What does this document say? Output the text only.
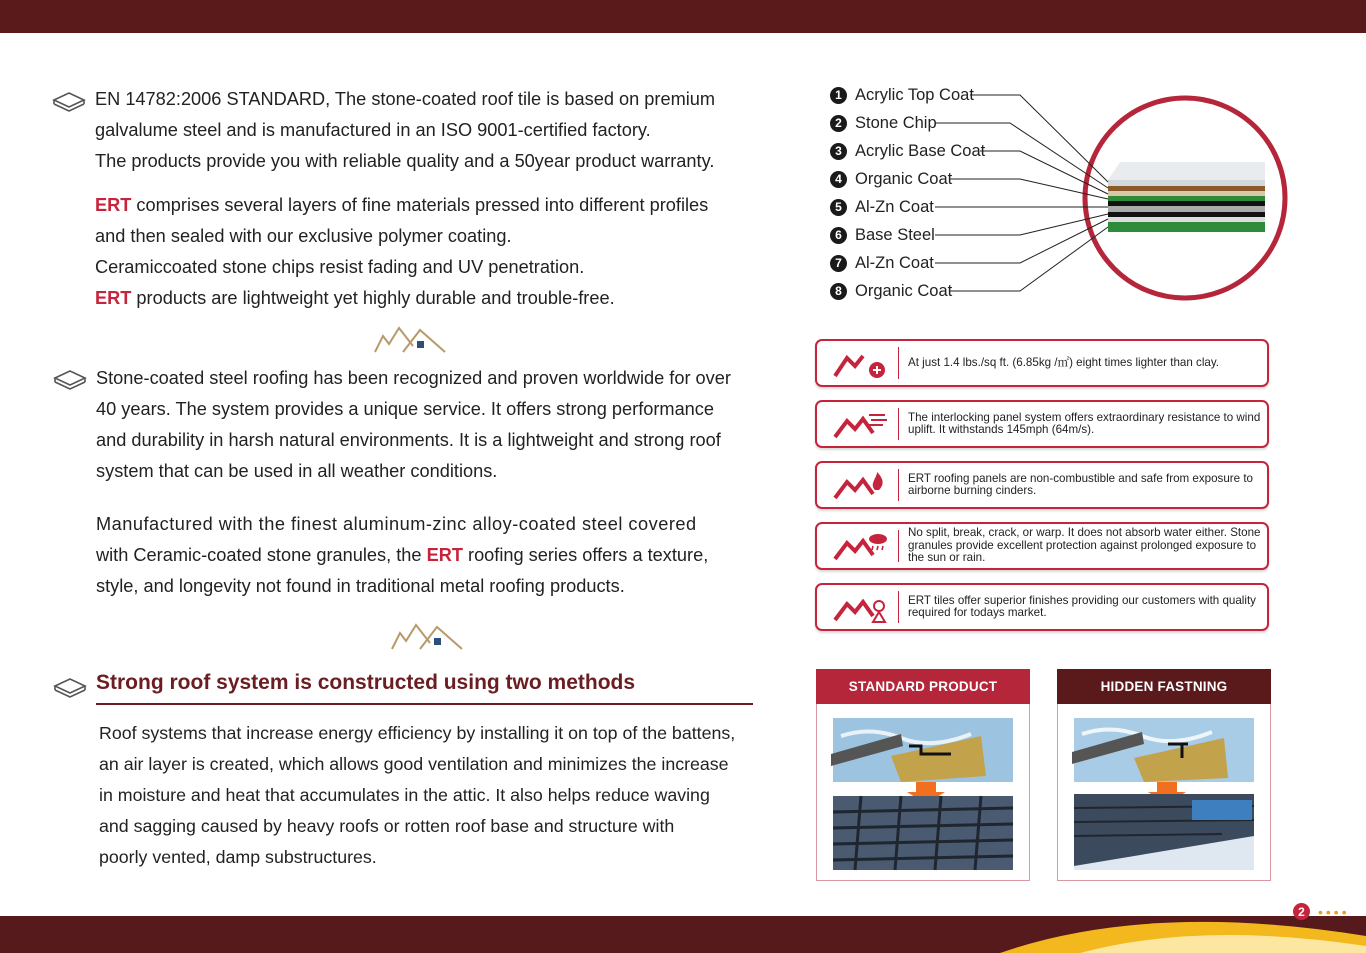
EN 14782:2006 STANDARD, The stone-coated roof tile is based on premium

galvalume steel and is manufactured in an ISO 9001-certified factory.

The products provide you with reliable quality and a 50year product warranty.

ERT comprises several layers of fine materials pressed into different profiles

and then sealed with our exclusive polymer coating.

Ceramiccoated stone chips resist fading and UV penetration.

ERT products are lightweight yet highly durable and trouble-free.

Stone-coated steel roofing has been recognized and proven worldwide for over

40 years. The system provides a unique service. It offers strong performance

and durability in harsh natural environments. It is a lightweight and strong roof

system that can be used in all weather conditions.

Manufactured with the finest aluminum-zinc alloy-coated steel covered

with Ceramic-coated stone granules, the ERT roofing series offers a texture,

style, and longevity not found in traditional metal roofing products.

Strong roof system is constructed using two methods

Roof systems that increase energy efficiency by installing it on top of the battens,

an air layer is created, which allows good ventilation and minimizes the increase

in moisture and heat that accumulates in the attic. It also helps reduce waving

and sagging caused by heavy roofs or rotten roof base and structure with

poorly vented, damp substructures.

1 Acrylic Top Coat
2 Stone Chip
3 Acrylic Base Coat
4 Organic Coat
5 Al-Zn Coat
6 Base Steel
7 Al-Zn Coat
8 Organic Coat
At just 1.4 lbs./sq ft. (6.85kg /㎡) eight times lighter than clay.
The interlocking panel system offers extraordinary resistance to wind uplift. It withstands 145mph (64m/s).
ERT roofing panels are non-combustible and safe from exposure to airborne burning cinders.
No split, break, crack, or warp. It does not absorb water either. Stone granules provide excellent protection against prolonged exposure to the sun or rain.
ERT tiles offer superior finishes providing our customers with quality required for todays market.
STANDARD PRODUCT	HIDDEN FASTNING
2 ••••
